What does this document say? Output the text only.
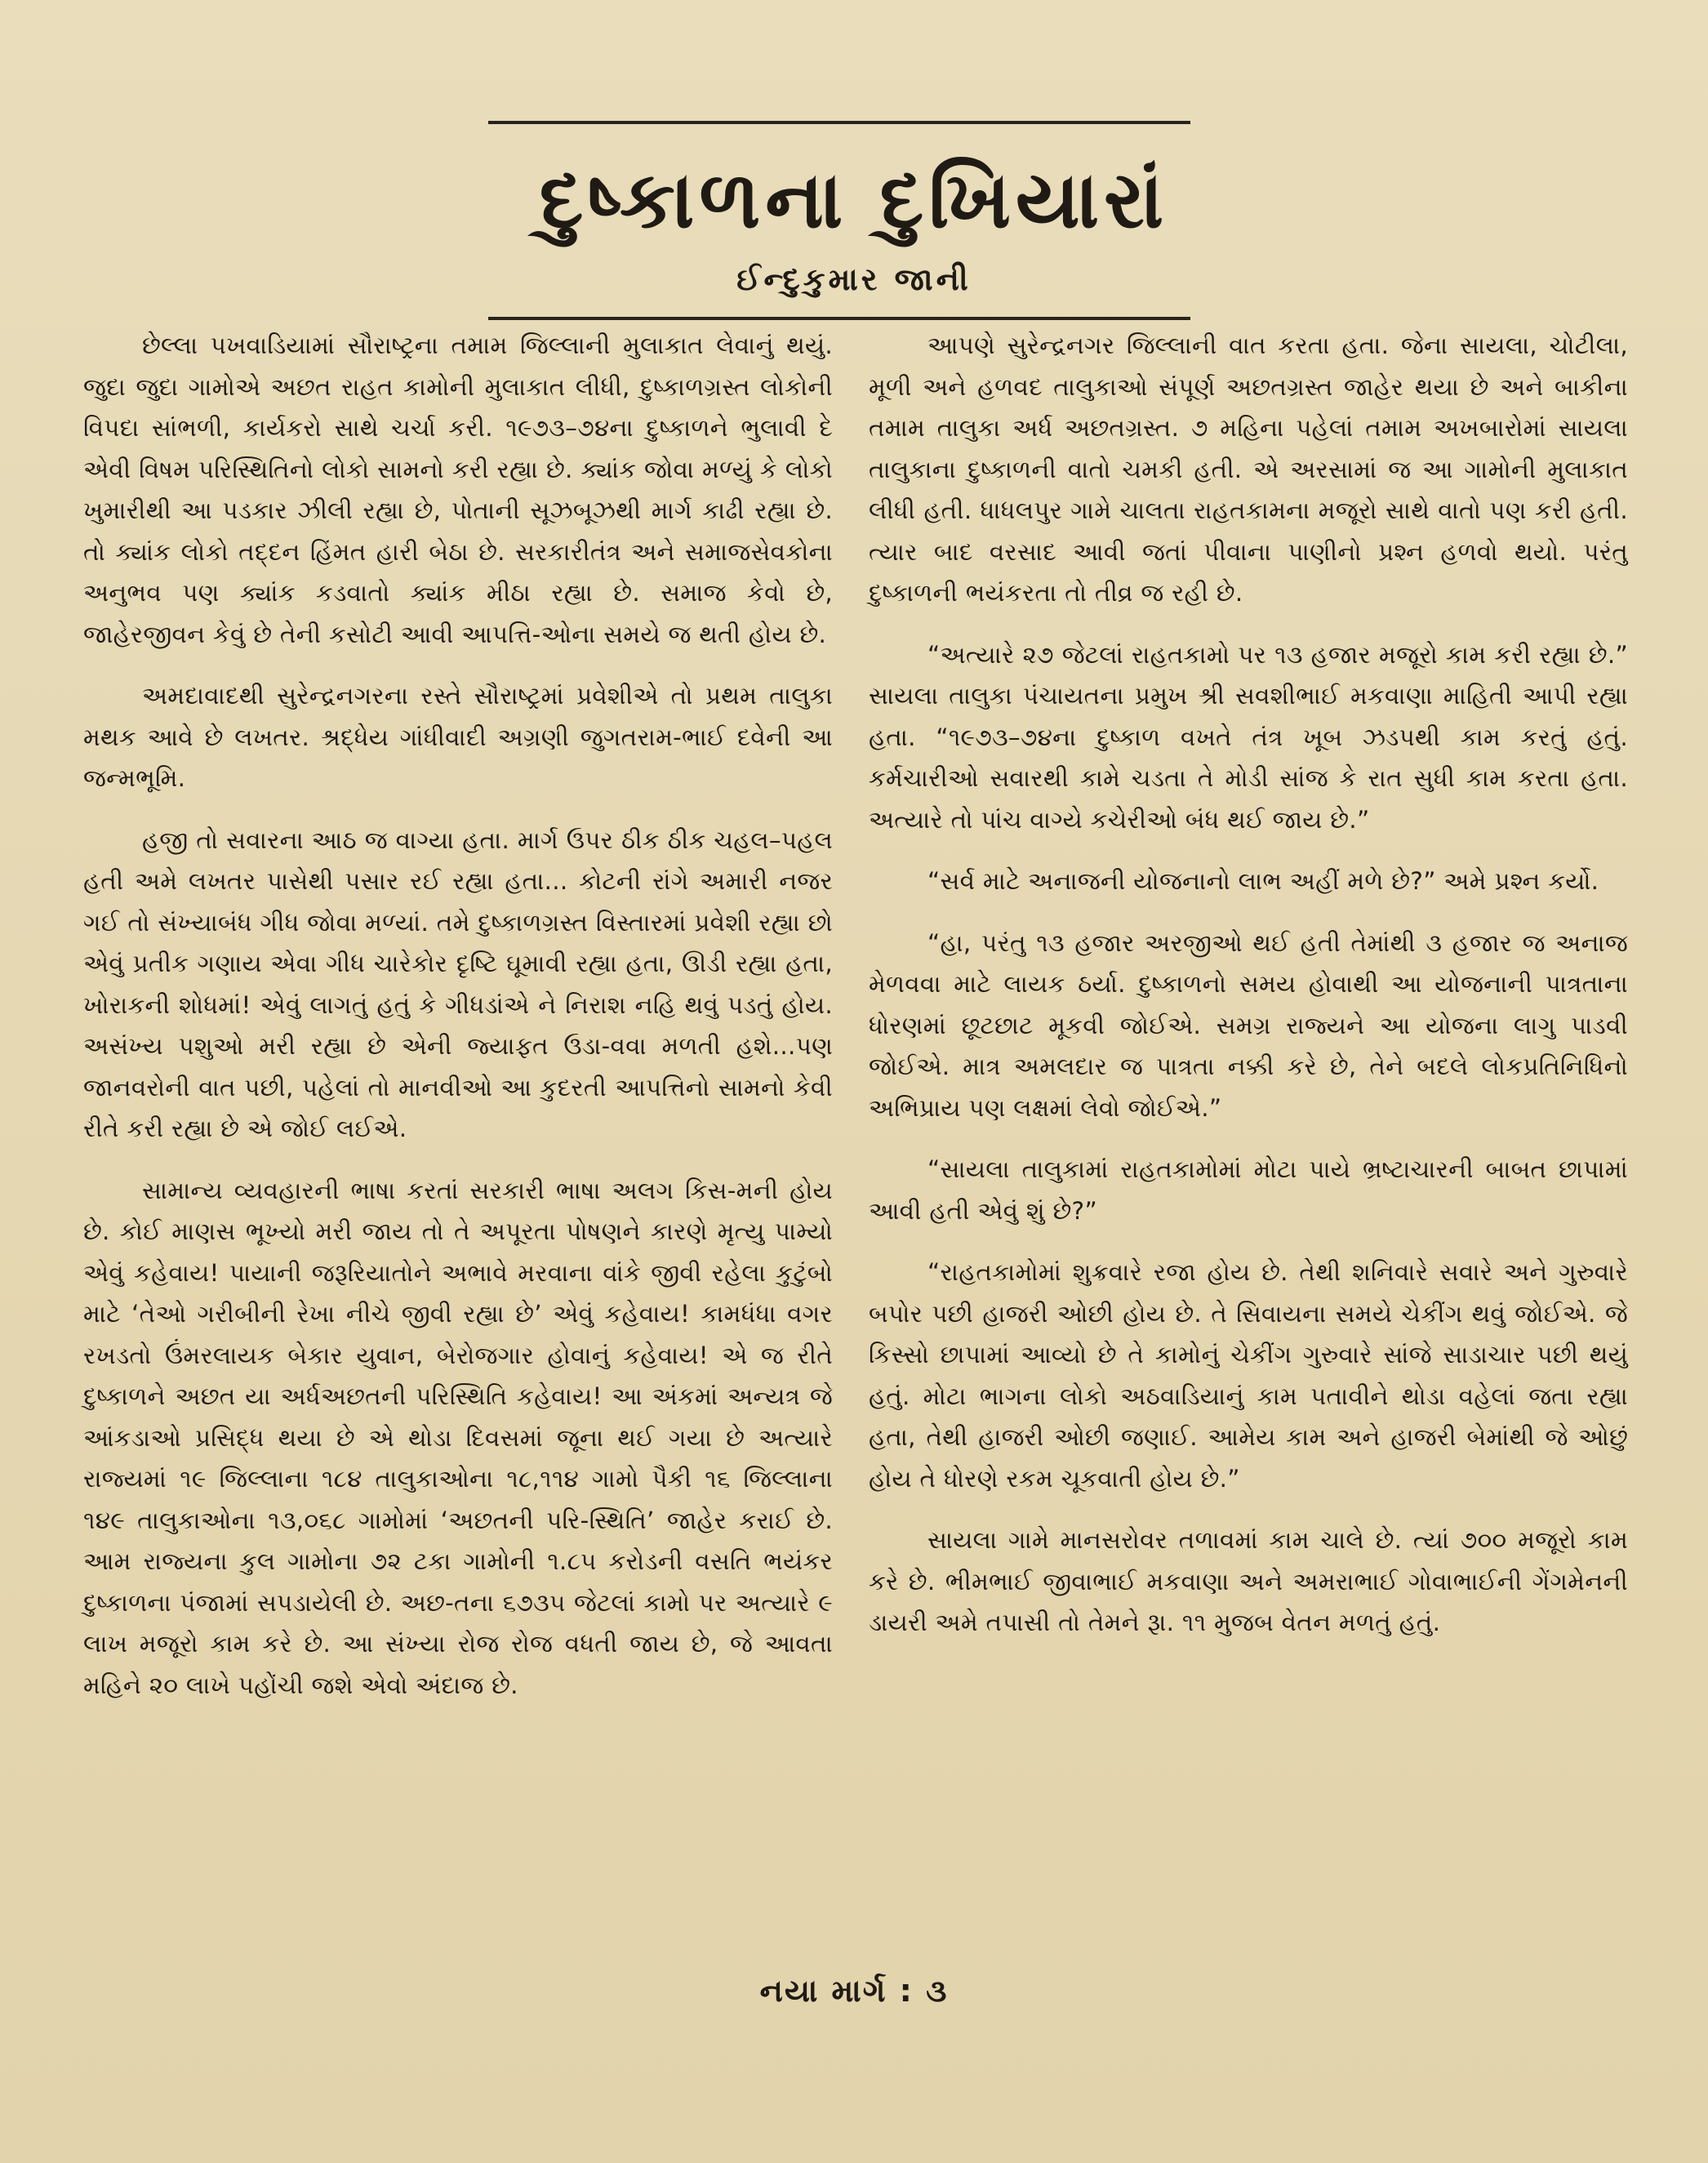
દુષ્કાળના દુખિયારાં
ઈન્દુકુમાર જાની

છેલ્લા પખવાડિયામાં સૌરાષ્ટ્રના તમામ જિલ્લાની મુલાકાત લેવાનું થયું. જુદા જુદા ગામોએ અછત રાહત કામોની મુલાકાત લીધી, દુષ્કાળગ્રસ્ત લોકોની વિપદા સાંભળી, કાર્યકરો સાથે ચર્ચા કરી. ૧૯૭૩–૭૪ના દુષ્કાળને ભુલાવી દે એવી વિષમ પરિસ્થિતિનો લોકો સામનો કરી રહ્યા છે. ક્યાંક જોવા મળ્યું કે લોકો ખુમારીથી આ પડકાર ઝીલી રહ્યા છે, પોતાની સૂઝબૂઝથી માર્ગ કાઢી રહ્યા છે. તો ક્યાંક લોકો તદ્દન હિંમત હારી બેઠા છે. સરકારીતંત્ર અને સમાજસેવકોના અનુભવ પણ ક્યાંક કડવાતો ક્યાંક મીઠા રહ્યા છે. સમાજ કેવો છે, જાહેરજીવન કેવું છે તેની કસોટી આવી આપત્તિ-ઓના સમયે જ થતી હોય છે.

અમદાવાદથી સુરેન્દ્રનગરના રસ્તે સૌરાષ્ટ્રમાં પ્રવેશીએ તો પ્રથમ તાલુકા મથક આવે છે લખતર. શ્રદ્ધેય ગાંધીવાદી અગ્રણી જુગતરામ-ભાઈ દવેની આ જન્મભૂમિ.

હજી તો સવારના આઠ જ વાગ્યા હતા. માર્ગ ઉપર ઠીક ઠીક ચહલ–પહલ હતી અમે લખતર પાસેથી પસાર રઈ રહ્યા હતા... કોટની રાંગે અમારી નજર ગઈ તો સંખ્યાબંધ ગીધ જોવા મળ્યાં. તમે દુષ્કાળગ્રસ્ત વિસ્તારમાં પ્રવેશી રહ્યા છો એવું પ્રતીક ગણાય એવા ગીધ ચારેકોર દૃષ્ટિ ઘૂમાવી રહ્યા હતા, ઊડી રહ્યા હતા, ખોરાકની શોધમાં! એવું લાગતું હતું કે ગીધડાંએ ને નિરાશ નહિ થવું પડતું હોય. અસંખ્ય પશુઓ મરી રહ્યા છે એની જ્યાફત ઉડા-વવા મળતી હશે...પણ જાનવરોની વાત પછી, પહેલાં તો માનવીઓ આ કુદરતી આપત્તિનો સામનો કેવી રીતે કરી રહ્યા છે એ જોઈ લઈએ.

સામાન્ય વ્યવહારની ભાષા કરતાં સરકારી ભાષા અલગ કિસ-મની હોય છે. કોઈ માણસ ભૂખ્યો મરી જાય તો તે અપૂરતા પોષણને કારણે મૃત્યુ પામ્યો એવું કહેવાય! પાયાની જરૂરિયાતોને અભાવે મરવાના વાંકે જીવી રહેલા કુટુંબો માટે ‘તેઓ ગરીબીની રેખા નીચે જીવી રહ્યા છે’ એવું કહેવાય! કામધંધા વગર રખડતો ઉંમરલાયક બેકાર યુવાન, બેરોજગાર હોવાનું કહેવાય! એ જ રીતે દુષ્કાળને અછત યા અર્ધઅછતની પરિસ્થિતિ કહેવાય! આ અંકમાં અન્યત્ર જે આંકડાઓ પ્રસિદ્ધ થયા છે એ થોડા દિવસમાં જૂના થઈ ગયા છે અત્યારે રાજ્યમાં ૧૯ જિલ્લાના ૧૮૪ તાલુકાઓના ૧૮,૧૧૪ ગામો પૈકી ૧૬ જિલ્લાના ૧૪૯ તાલુકાઓના ૧૩,૦૬૮ ગામોમાં ‘અછતની પરિ-સ્થિતિ’ જાહેર કરાઈ છે. આમ રાજ્યના કુલ ગામોના ૭૨ ટકા ગામોની ૧.૮૫ કરોડની વસતિ ભયંકર દુષ્કાળના પંજામાં સપડાયેલી છે. અછ-તના ૬૭૩૫ જેટલાં કામો પર અત્યારે ૯ લાખ મજૂરો કામ કરે છે. આ સંખ્યા રોજ રોજ વધતી જાય છે, જે આવતા મહિને ૨૦ લાખે પહોંચી જશે એવો અંદાજ છે.

આપણે સુરેન્દ્રનગર જિલ્લાની વાત કરતા હતા. જેના સાયલા, ચોટીલા, મૂળી અને હળવદ તાલુકાઓ સંપૂર્ણ અછતગ્રસ્ત જાહેર થયા છે અને બાકીના તમામ તાલુકા અર્ધ અછતગ્રસ્ત. ૭ મહિના પહેલાં તમામ અખબારોમાં સાયલા તાલુકાના દુષ્કાળની વાતો ચમકી હતી. એ અરસામાં જ આ ગામોની મુલાકાત લીધી હતી. ધાધલપુર ગામે ચાલતા રાહતકામના મજૂરો સાથે વાતો પણ કરી હતી. ત્યાર બાદ વરસાદ આવી જતાં પીવાના પાણીનો પ્રશ્ન હળવો થયો. પરંતુ દુષ્કાળની ભયંકરતા તો તીવ્ર જ રહી છે.

“અત્યારે ૨૭ જેટલાં રાહતકામો પર ૧૩ હજાર મજૂરો કામ કરી રહ્યા છે.” સાયલા તાલુકા પંચાયતના પ્રમુખ શ્રી સવશીભાઈ મકવાણા માહિતી આપી રહ્યા હતા. “૧૯૭૩–૭૪ના દુષ્કાળ વખતે તંત્ર ખૂબ ઝડપથી કામ કરતું હતું. કર્મચારીઓ સવારથી કામે ચડતા તે મોડી સાંજ કે રાત સુધી કામ કરતા હતા. અત્યારે તો પાંચ વાગ્યે કચેરીઓ બંધ થઈ જાય છે.”

“સર્વ માટે અનાજની યોજનાનો લાભ અહીં મળે છે?” અમે પ્રશ્ન કર્યો.

“હા, પરંતુ ૧૩ હજાર અરજીઓ થઈ હતી તેમાંથી ૩ હજાર જ અનાજ મેળવવા માટે લાયક ઠર્યા. દુષ્કાળનો સમય હોવાથી આ યોજનાની પાત્રતાના ધોરણમાં છૂટછાટ મૂકવી જોઈએ. સમગ્ર રાજ્યને આ યોજના લાગુ પાડવી જોઈએ. માત્ર અમલદાર જ પાત્રતા નક્કી કરે છે, તેને બદલે લોકપ્રતિનિધિનો અભિપ્રાય પણ લક્ષમાં લેવો જોઈએ.”

“સાયલા તાલુકામાં રાહતકામોમાં મોટા પાયે ભ્રષ્ટાચારની બાબત છાપામાં આવી હતી એવું શું છે?”

“રાહતકામોમાં શુક્રવારે રજા હોય છે. તેથી શનિવારે સવારે અને ગુરુવારે બપોર પછી હાજરી ઓછી હોય છે. તે સિવાયના સમયે ચેકીંગ થવું જોઈએ. જે કિસ્સો છાપામાં આવ્યો છે તે કામોનું ચેકીંગ ગુરુવારે સાંજે સાડાચાર પછી થયું હતું. મોટા ભાગના લોકો અઠવાડિયાનું કામ પતાવીને થોડા વહેલાં જતા રહ્યા હતા, તેથી હાજરી ઓછી જણાઈ. આમેય કામ અને હાજરી બેમાંથી જે ઓછું હોય તે ધોરણે રકમ ચૂકવાતી હોય છે.”

સાયલા ગામે માનસરોવર તળાવમાં કામ ચાલે છે. ત્યાં ૭૦૦ મજૂરો કામ કરે છે. ભીમભાઈ જીવાભાઈ મકવાણા અને અમરાભાઈ ગોવાભાઈની ગેંગમેનની ડાયરી અમે તપાસી તો તેમને રૂા. ૧૧ મુજબ વેતન મળતું હતું.

નયા માર્ગ : ૩
